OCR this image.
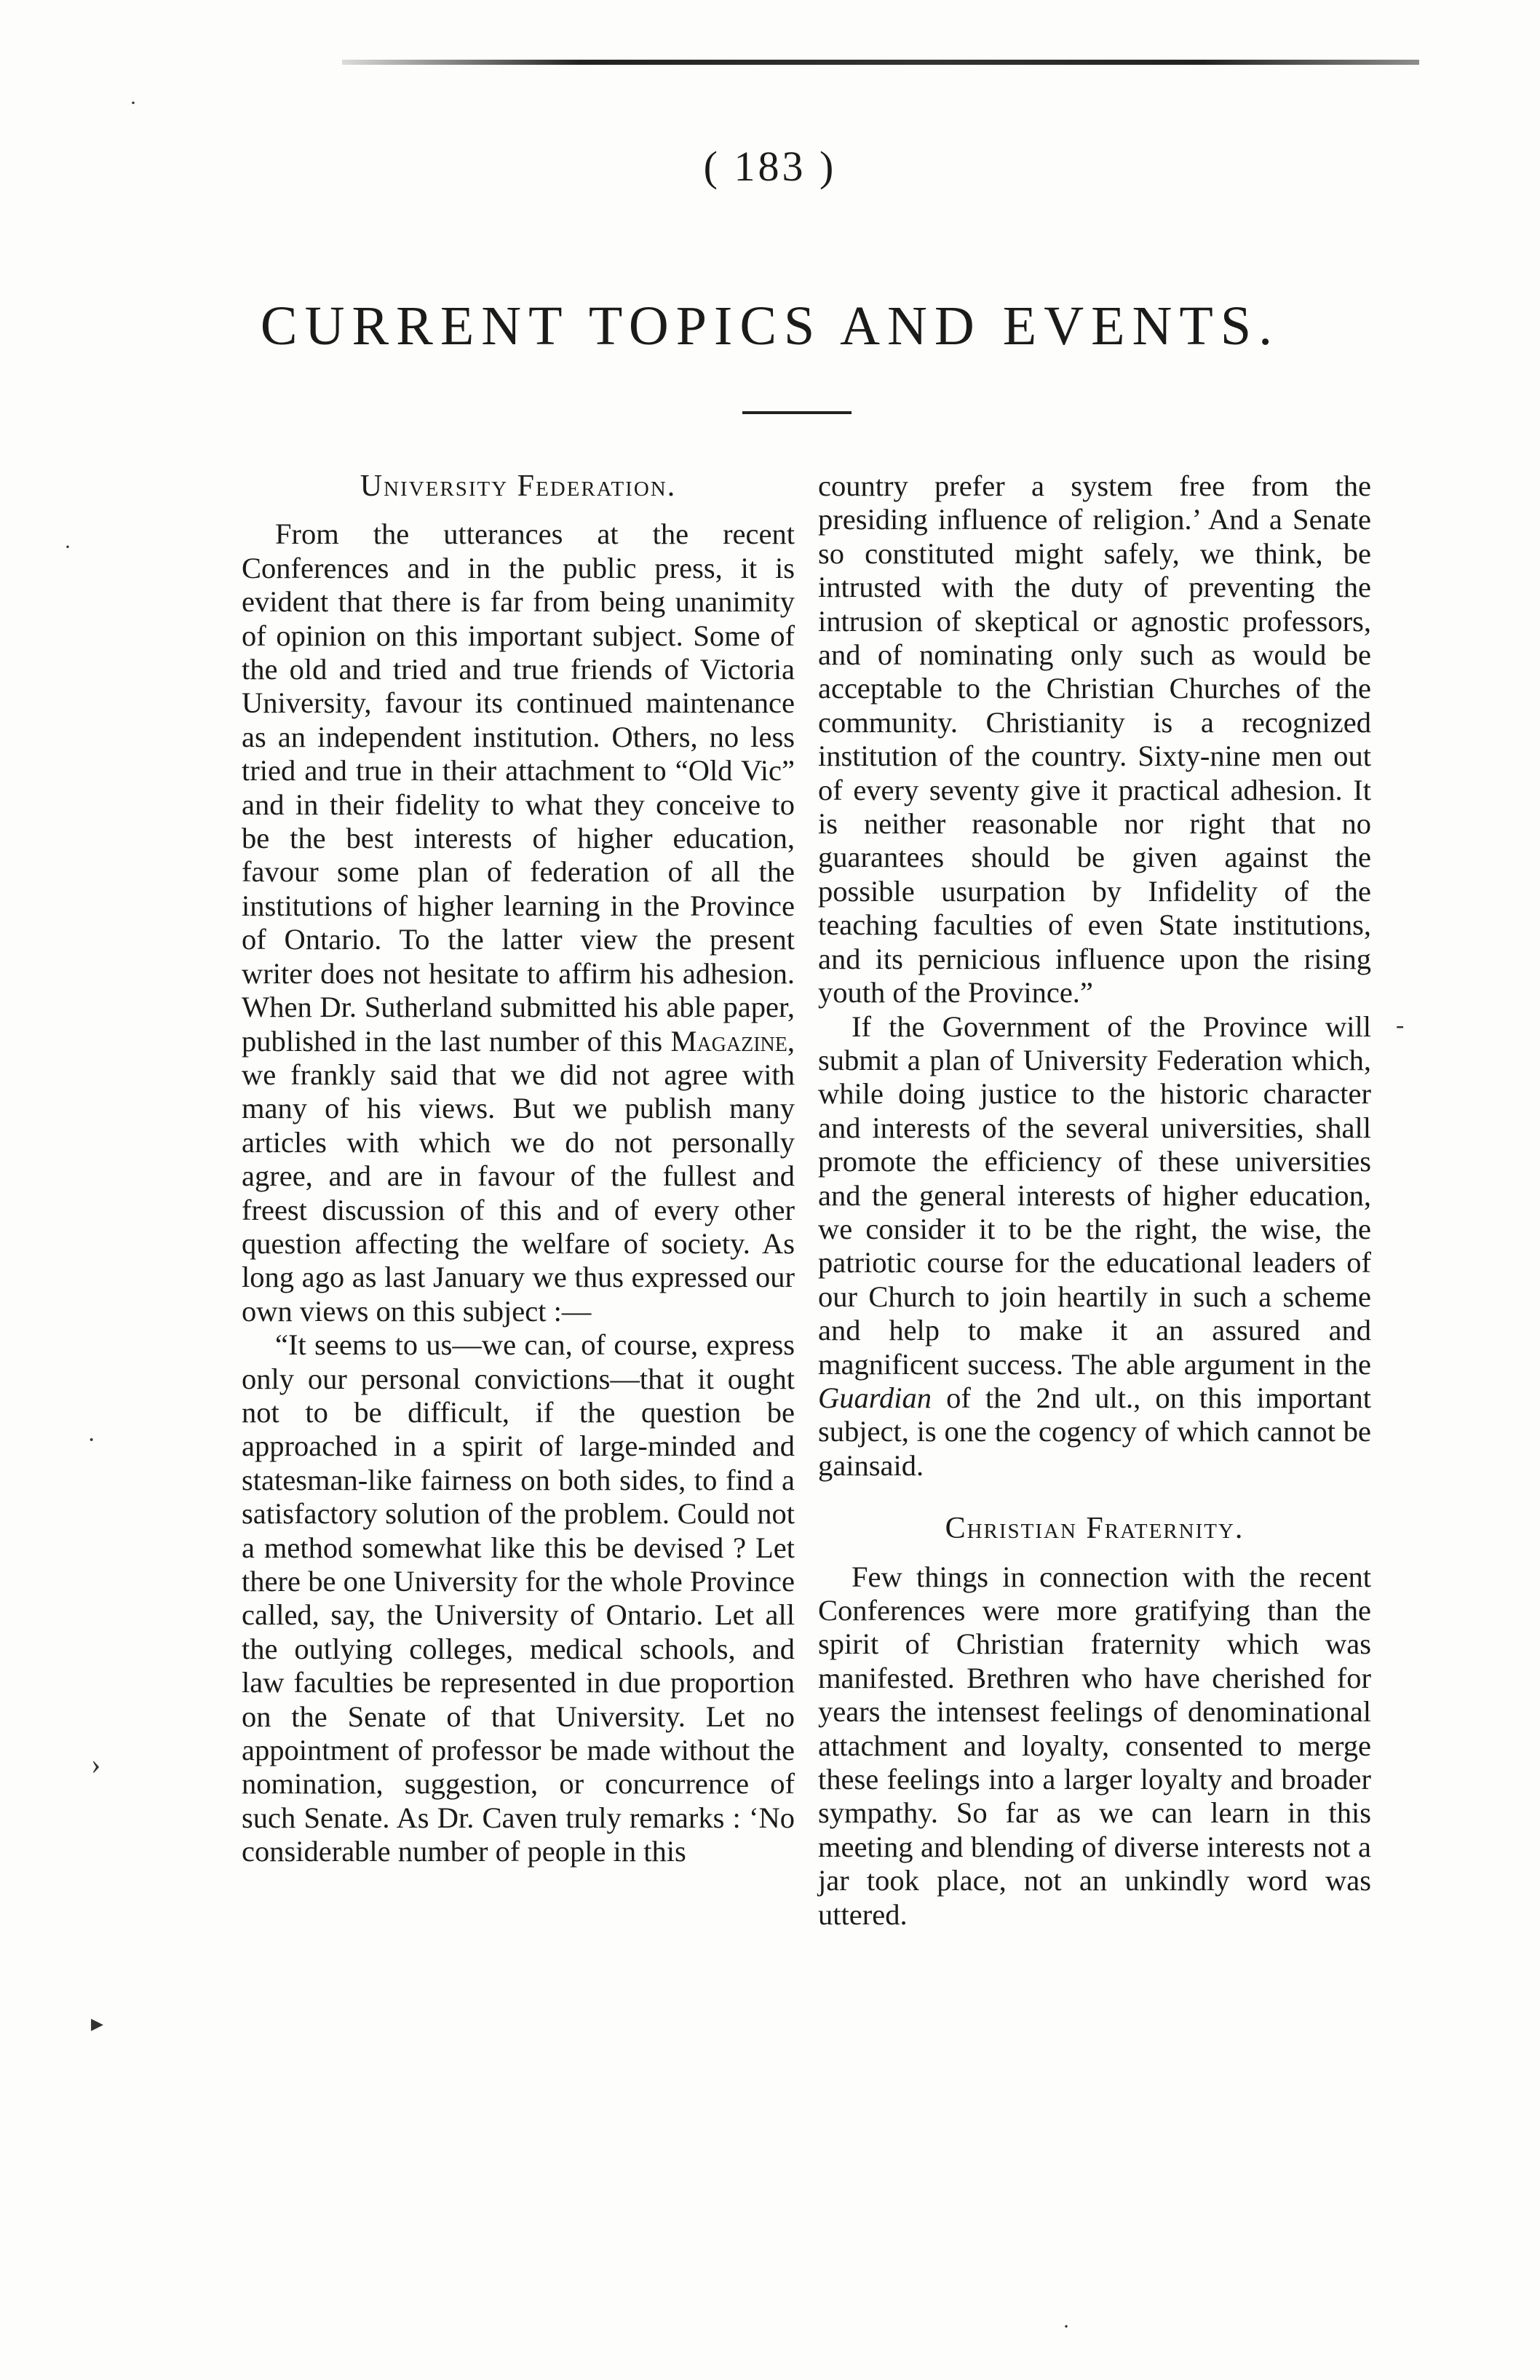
( 183 )
CURRENT TOPICS AND EVENTS.
University Federation.

From the utterances at the recent Conferences and in the public press, it is evident that there is far from being unanimity of opinion on this important subject. Some of the old and tried and true friends of Victoria University, favour its continued maintenance as an independent institution. Others, no less tried and true in their attachment to “Old Vic” and in their fidelity to what they conceive to be the best interests of higher education, favour some plan of federation of all the institutions of higher learning in the Province of Ontario. To the latter view the present writer does not hesitate to affirm his adhesion. When Dr. Sutherland submitted his able paper, published in the last number of this Magazine, we frankly said that we did not agree with many of his views. But we publish many articles with which we do not personally agree, and are in favour of the fullest and freest discussion of this and of every other question affecting the welfare of society. As long ago as last January we thus expressed our own views on this subject :—

“It seems to us—we can, of course, express only our personal convictions—that it ought not to be difficult, if the question be approached in a spirit of large-minded and statesman-like fairness on both sides, to find a satisfactory solution of the problem. Could not a method somewhat like this be devised ? Let there be one University for the whole Province called, say, the University of Ontario. Let all the outlying colleges, medical schools, and law faculties be represented in due proportion on the Senate of that University. Let no appointment of professor be made without the nomination, suggestion, or concurrence of such Senate. As Dr. Caven truly remarks : ‘No considerable number of people in this

country prefer a system free from the presiding influence of religion.’ And a Senate so constituted might safely, we think, be intrusted with the duty of preventing the intrusion of skeptical or agnostic professors, and of nominating only such as would be acceptable to the Christian Churches of the community. Christianity is a recognized institution of the country. Sixty-nine men out of every seventy give it practical adhesion. It is neither reasonable nor right that no guarantees should be given against the possible usurpation by Infidelity of the teaching faculties of even State institutions, and its pernicious influence upon the rising youth of the Province.”

If the Government of the Province will submit a plan of University Federation which, while doing justice to the historic character and interests of the several universities, shall promote the efficiency of these universities and the general interests of higher education, we consider it to be the right, the wise, the patriotic course for the educational leaders of our Church to join heartily in such a scheme and help to make it an assured and magnificent success. The able argument in the Guardian of the 2nd ult., on this important subject, is one the cogency of which cannot be gainsaid.

Christian Fraternity.

Few things in connection with the recent Conferences were more gratifying than the spirit of Christian fraternity which was manifested. Brethren who have cherished for years the intensest feelings of denominational attachment and loyalty, consented to merge these feelings into a larger loyalty and broader sympathy. So far as we can learn in this meeting and blending of diverse interests not a jar took place, not an unkindly word was uttered.

·
·
·
›
▸
-
·
